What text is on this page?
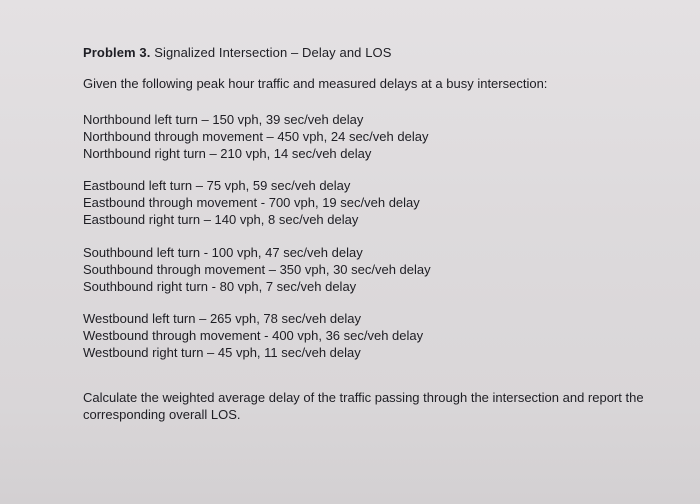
Problem 3. Signalized Intersection – Delay and LOS
Given the following peak hour traffic and measured delays at a busy intersection:
Northbound left turn – 150 vph, 39 sec/veh delay
Northbound through movement – 450 vph, 24 sec/veh delay
Northbound right turn – 210 vph, 14 sec/veh delay
Eastbound left turn – 75 vph, 59 sec/veh delay
Eastbound through movement - 700 vph, 19 sec/veh delay
Eastbound right turn – 140 vph, 8 sec/veh delay
Southbound left turn - 100 vph, 47 sec/veh delay
Southbound through movement – 350 vph, 30 sec/veh delay
Southbound right turn - 80 vph, 7 sec/veh delay
Westbound left turn – 265 vph, 78 sec/veh delay
Westbound through movement - 400 vph, 36 sec/veh delay
Westbound right turn – 45 vph, 11 sec/veh delay
Calculate the weighted average delay of the traffic passing through the intersection and report the corresponding overall LOS.
